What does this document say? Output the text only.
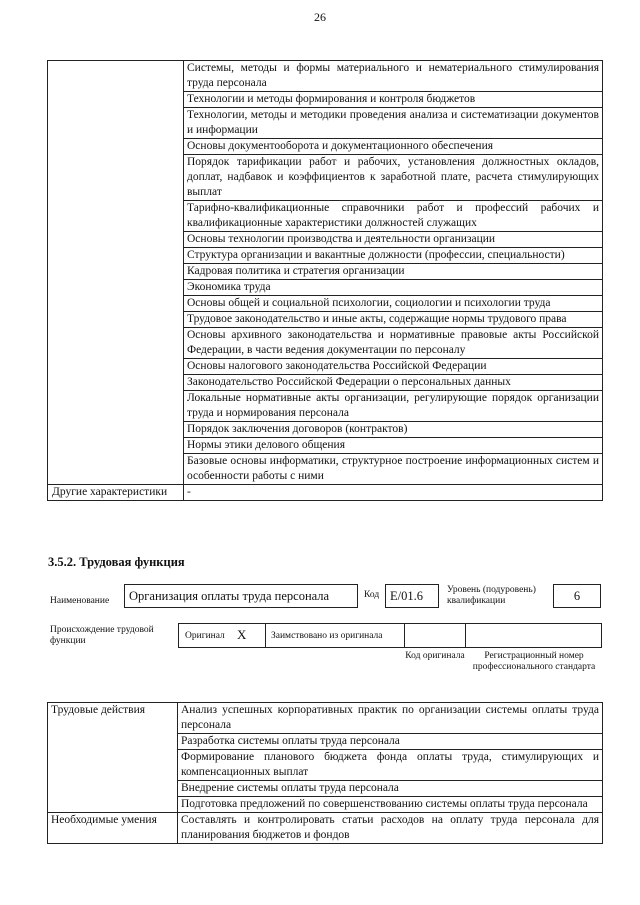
26
	Системы, методы и формы материального и нематериального стимулирования труда персонала
	Технологии и методы формирования и контроля бюджетов
	Технологии, методы и методики проведения анализа и систематизации документов и информации
	Основы документооборота и документационного обеспечения
	Порядок тарификации работ и рабочих, установления должностных окладов, доплат, надбавок и коэффициентов к заработной плате, расчета стимулирующих выплат
	Тарифно-квалификационные справочники работ и профессий рабочих и квалификационные характеристики должностей служащих
	Основы технологии производства и деятельности организации
	Структура организации и вакантные должности (профессии, специальности)
	Кадровая политика и стратегия организации
	Экономика труда
	Основы общей и социальной психологии, социологии и психологии труда
	Трудовое законодательство и иные акты, содержащие нормы трудового права
	Основы архивного законодательства и нормативные правовые акты Российской Федерации, в части ведения документации по персоналу
	Основы налогового законодательства Российской Федерации
	Законодательство Российской Федерации о персональных данных
	Локальные нормативные акты организации, регулирующие порядок организации труда и нормирования персонала
	Порядок заключения договоров (контрактов)
	Нормы этики делового общения
	Базовые основы информатики, структурное построение информационных систем и особенности работы с ними
Другие характеристики	-
3.5.2. Трудовая функция
Наименование	Организация оплаты труда персонала	Код E/01.6	Уровень (подуровень) квалификации	6
Происхождение трудовой функции	Оригинал X	Заимствовано из оригинала
Код оригинала	Регистрационный номер профессионального стандарта
Трудовые действия	Анализ успешных корпоративных практик по организации системы оплаты труда персонала
	Разработка системы оплаты труда персонала
	Формирование планового бюджета фонда оплаты труда, стимулирующих и компенсационных выплат
	Внедрение системы оплаты труда персонала
	Подготовка предложений по совершенствованию системы оплаты труда персонала
Необходимые умения	Составлять и контролировать статьи расходов на оплату труда персонала для планирования бюджетов и фондов
